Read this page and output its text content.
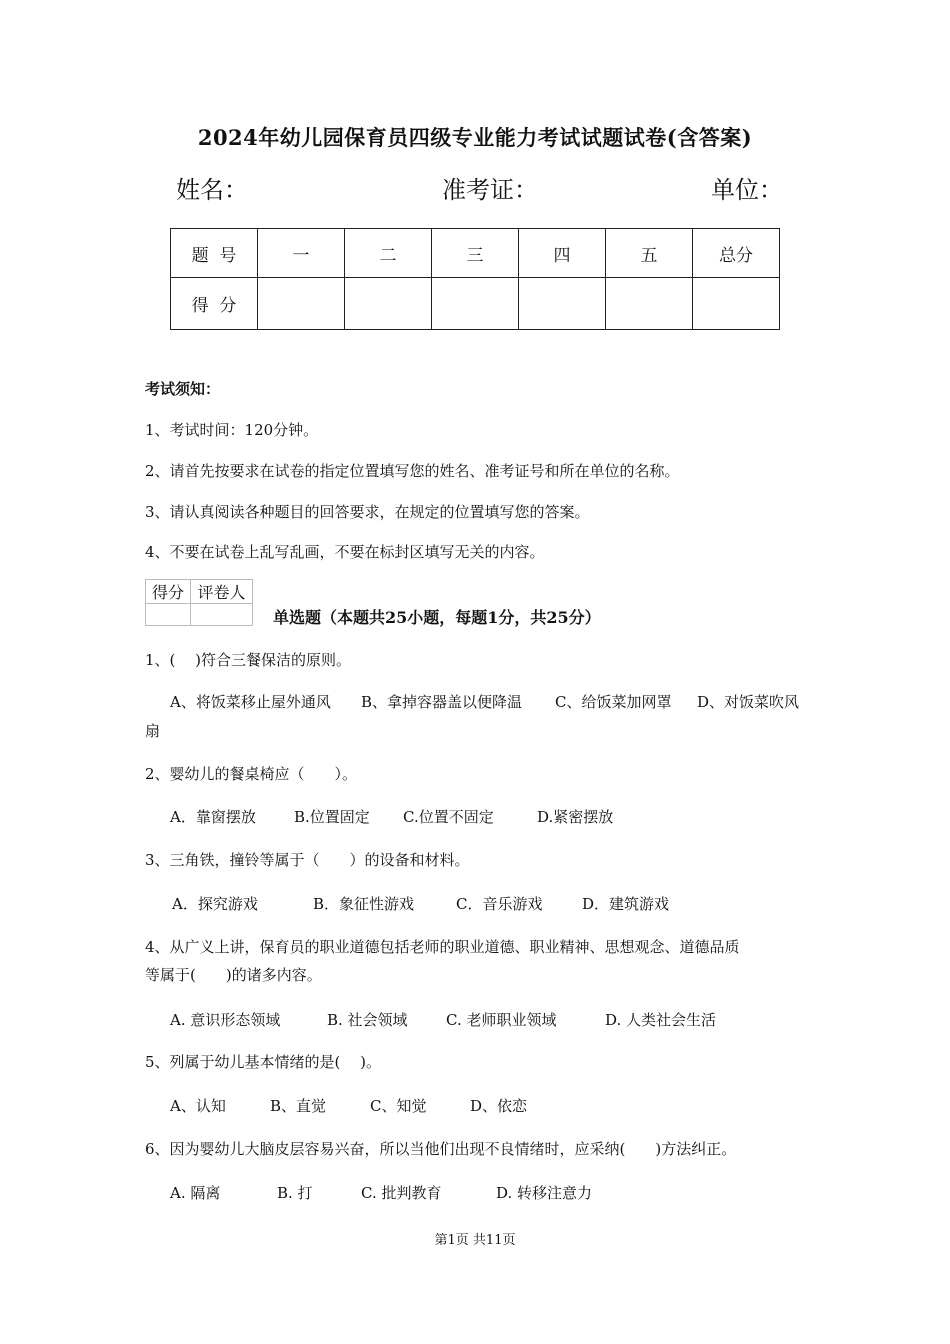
2024年幼儿园保育员四级专业能力考试试题试卷(含答案)
姓名：	准考证：	单位：
题  号	一	二	三	四	五	总分
得  分						
考试须知：
1、考试时间：120分钟。
2、请首先按要求在试卷的指定位置填写您的姓名、准考证号和所在单位的名称。
3、请认真阅读各种题目的回答要求，在规定的位置填写您的答案。
4、不要在试卷上乱写乱画，不要在标封区填写无关的内容。
得分	评卷人

单选题（本题共25小题，每题1分，共25分）
1、(　 )符合三餐保洁的原则。
A、将饭菜移止屋外通风 B、拿掉容器盖以便降温 C、给饭菜加网罩 D、对饭菜吹风
扇
2、婴幼儿的餐桌椅应（　　）。
A．靠窗摆放	B.位置固定 C.位置不固定	D.紧密摆放
3、三角铁，撞铃等属于（　　）的设备和材料。
A．探究游戏	B．象征性游戏	C．音乐游戏	D．建筑游戏
4、从广义上讲，保育员的职业道德包括老师的职业道德、职业精神、思想观念、道德品质
等属于(　　)的诸多内容。
A. 意识形态领域	B. 社会领域	C. 老师职业领域	D. 人类社会生活
5、列属于幼儿基本情绪的是(　 )。
A、认知	B、直觉	C、知觉	D、依恋
6、因为婴幼儿大脑皮层容易兴奋，所以当他们出现不良情绪时，应采纳(　　)方法纠正。
A. 隔离	B. 打	C. 批判教育	D. 转移注意力
第1页 共11页
